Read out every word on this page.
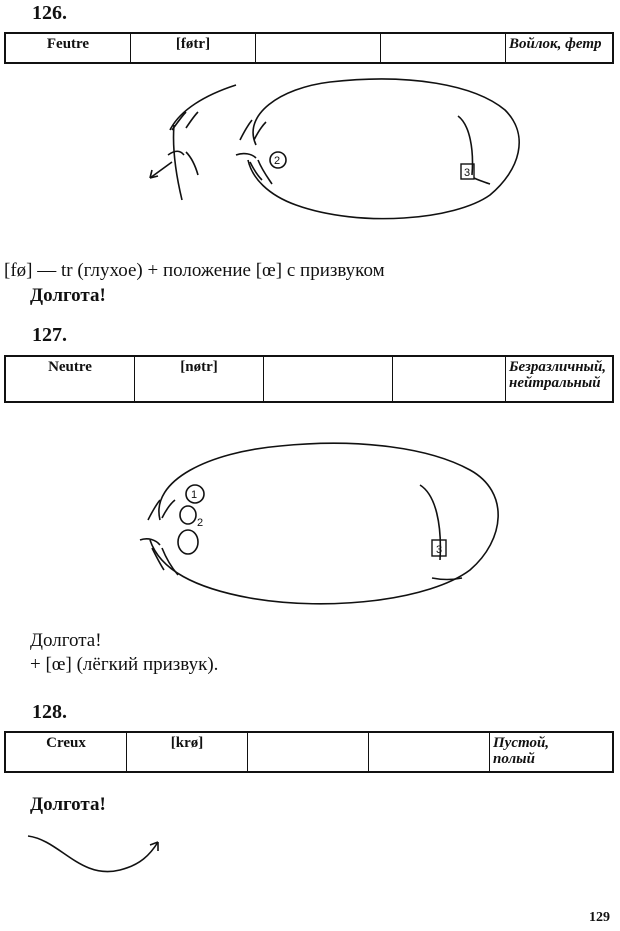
126.
Feutre	[føtr]			Войлок, фетр
2
3
1
2
3
[fø] — tr (глухое) + положение [œ] с призвуком
Долгота!
127.
Neutre	[nøtr]			Безразличный,
нейтральный
Долгота!
+ [œ] (лёгкий призвук).
128.
Creux	[krø]			Пустой,
полый
Долгота!
129
